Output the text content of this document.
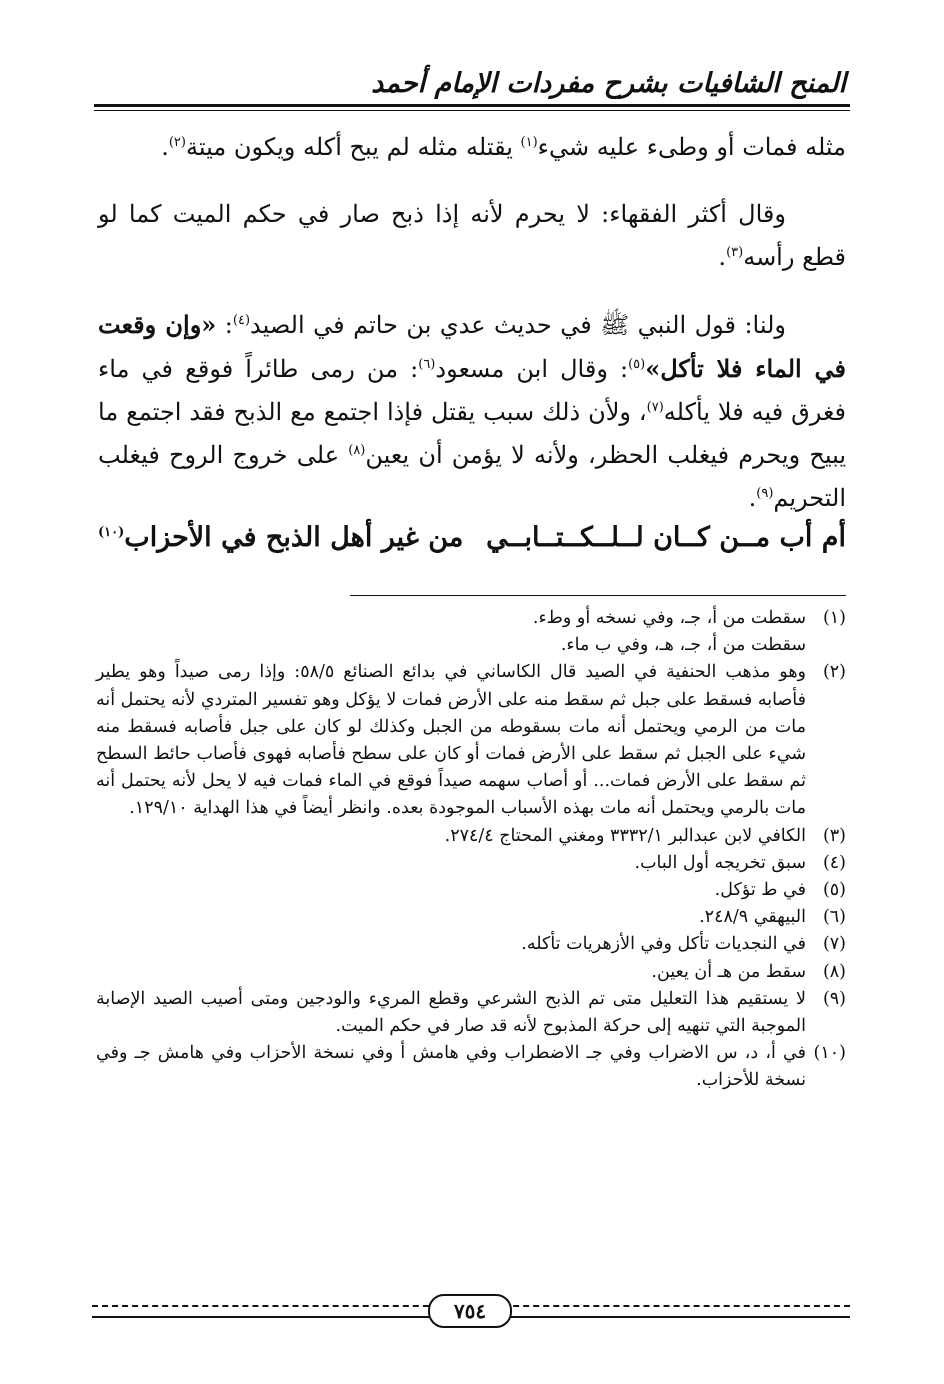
المنح الشافيات بشرح مفردات الإمام أحمد

مثله فمات أو وطىء عليه شيء$^{(١)}$ يقتله مثله لم يبح أكله ويكون ميتة$^{(٢)}$.

وقال أكثر الفقهاء: لا يحرم لأنه إذا ذبح صار في حكم الميت كما لو قطع رأسه$^{(٣)}$.

ولنا: قول النبي ﷺ في حديث عدي بن حاتم في الصيد$^{(٤)}$: «وإن وقعت في الماء فلا تأكل»$^{(٥)}$: وقال ابن مسعود$^{(٦)}$: من رمى طائراً فوقع في ماء فغرق فيه فلا يأكله$^{(٧)}$، ولأن ذلك سبب يقتل فإذا اجتمع مع الذبح فقد اجتمع ما يبيح ويحرم فيغلب الحظر، ولأنه لا يؤمن أن يعين$^{(٨)}$ على خروج الروح فيغلب التحريم$^{(٩)}$.

أم أب مــن كــان لــلــكــتــابــي
من غير أهل الذبح في الأحزاب$^{(١٠)}$
(١)
سقطت من أ، جـ، وفي نسخه أو وطء.
سقطت من أ، جـ، هـ، وفي ب ماء.
(٢)
وهو مذهب الحنفية في الصيد قال الكاساني في بدائع الصنائع ٥٨/٥: وإذا رمى صيداً وهو يطير فأصابه فسقط على جبل ثم سقط منه على الأرض فمات لا يؤكل وهو تفسير المتردي لأنه يحتمل أنه مات من الرمي ويحتمل أنه مات بسقوطه من الجبل وكذلك لو كان على جبل فأصابه فسقط منه شيء على الجبل ثم سقط على الأرض فمات أو كان على سطح فأصابه فهوى فأصاب حائط السطح ثم سقط على الأرض فمات... أو أصاب سهمه صيداً فوقع في الماء فمات فيه لا يحل لأنه يحتمل أنه مات بالرمي ويحتمل أنه مات بهذه الأسباب الموجودة بعده. وانظر أيضاً في هذا الهداية ١٢٩/١٠.
(٣)
الكافي لابن عبدالبر ٣٣٣٢/١ ومغني المحتاج ٢٧٤/٤.
(٤)
سبق تخريجه أول الباب.
(٥)
في ط تؤكل.
(٦)
البيهقي ٢٤٨/٩.
(٧)
في النجديات تأكل وفي الأزهريات تأكله.
(٨)
سقط من هـ أن يعين.
(٩)
لا يستقيم هذا التعليل متى تم الذبح الشرعي وقطع المريء والودجين ومتى أصيب الصيد الإصابة الموجبة التي تنهيه إلى حركة المذبوح لأنه قد صار في حكم الميت.
(١٠)
في أ، د، س الاضراب وفي جـ الاضطراب وفي هامش أ وفي نسخة الأحزاب وفي هامش جـ وفي نسخة للأحزاب.
٧٥٤
